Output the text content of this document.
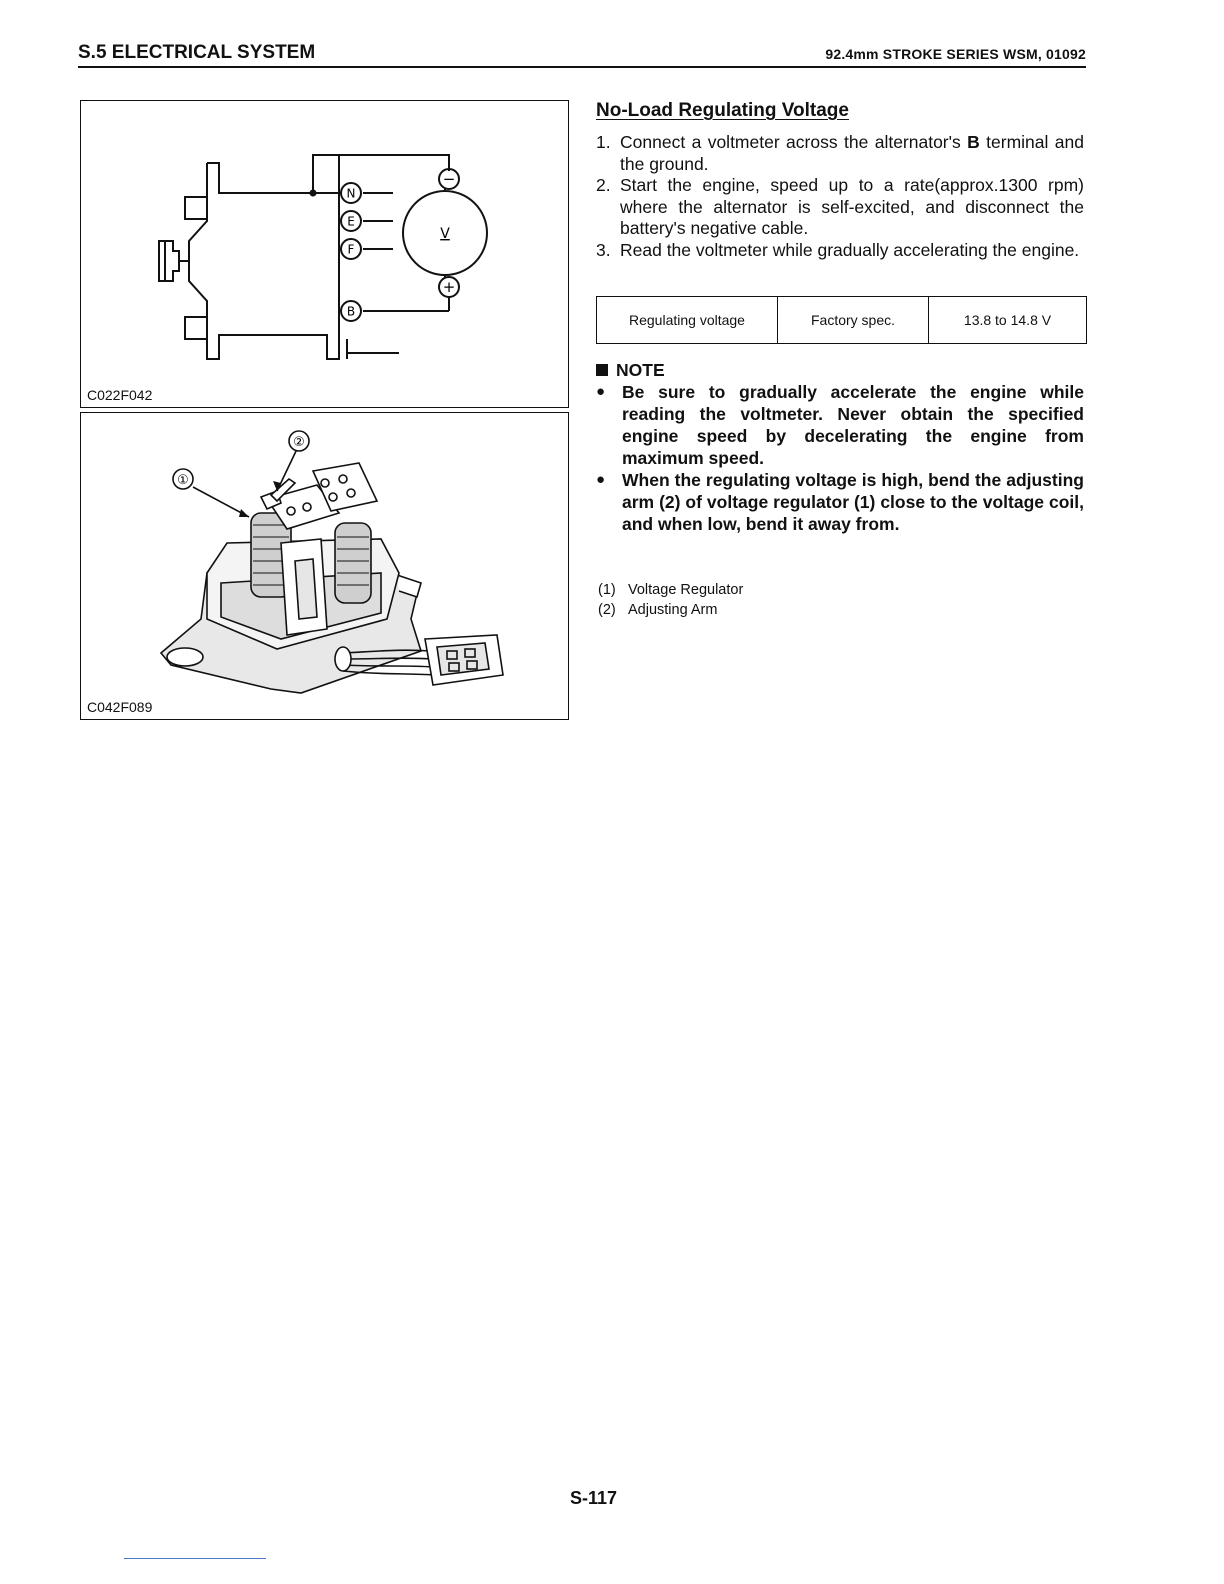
S.5 ELECTRICAL SYSTEM	92.4mm STROKE SERIES WSM, 01092
N
E
F
B
V
−
+
C022F042
①
②
C042F089
No-Load Regulating Voltage
1. Connect a voltmeter across the alternator's B terminal and the ground.
2. Start the engine, speed up to a rate(approx.1300 rpm) where the alternator is self-excited, and disconnect the battery's negative cable.
3. Read the voltmeter while gradually accelerating the engine.
Regulating voltage	Factory spec.	13.8 to 14.8 V
NOTE
● Be sure to gradually accelerate the engine while reading the voltmeter. Never obtain the specified engine speed by decelerating the engine from maximum speed.
● When the regulating voltage is high, bend the adjusting arm (2) of voltage regulator (1) close to the voltage coil, and when low, bend it away from.
(1) Voltage Regulator
(2) Adjusting Arm
S-117
